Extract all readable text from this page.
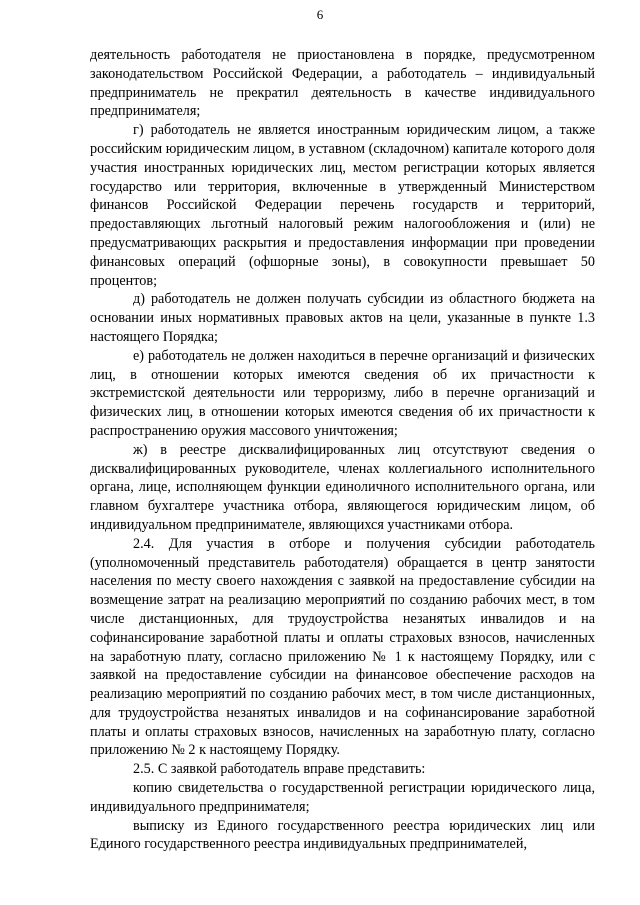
6

деятельность работодателя не приостановлена в порядке, предусмотренном законодательством Российской Федерации, а работодатель – индивидуальный предприниматель не прекратил деятельность в качестве индивидуального предпринимателя;

г) работодатель не является иностранным юридическим лицом, а также российским юридическим лицом, в уставном (складочном) капитале которого доля участия иностранных юридических лиц, местом регистрации которых является государство или территория, включенные в утвержденный Министерством финансов Российской Федерации перечень государств и территорий, предоставляющих льготный налоговый режим налогообложения и (или) не предусматривающих раскрытия и предоставления информации при проведении финансовых операций (офшорные зоны), в совокупности превышает 50 процентов;

д) работодатель не должен получать субсидии из областного бюджета на основании иных нормативных правовых актов на цели, указанные в пункте 1.3 настоящего Порядка;

е) работодатель не должен находиться в перечне организаций и физических лиц, в отношении которых имеются сведения об их причастности к экстремистской деятельности или терроризму, либо в перечне организаций и физических лиц, в отношении которых имеются сведения об их причастности к распространению оружия массового уничтожения;

ж) в реестре дисквалифицированных лиц отсутствуют сведения о дисквалифицированных руководителе, членах коллегиального исполнительного органа, лице, исполняющем функции единоличного исполнительного органа, или главном бухгалтере участника отбора, являющегося юридическим лицом, об индивидуальном предпринимателе, являющихся участниками отбора.

2.4. Для участия в отборе и получения субсидии работодатель (уполномоченный представитель работодателя) обращается в центр занятости населения по месту своего нахождения с заявкой на предоставление субсидии на возмещение затрат на реализацию мероприятий по созданию рабочих мест, в том числе дистанционных, для трудоустройства незанятых инвалидов и на софинансирование заработной платы и оплаты страховых взносов, начисленных на заработную плату, согласно приложению № 1 к настоящему Порядку, или с заявкой на предоставление субсидии на финансовое обеспечение расходов на реализацию мероприятий по созданию рабочих мест, в том числе дистанционных, для трудоустройства незанятых инвалидов и на софинансирование заработной платы и оплаты страховых взносов, начисленных на заработную плату, согласно приложению № 2 к настоящему Порядку.

2.5. С заявкой работодатель вправе представить:

копию свидетельства о государственной регистрации юридического лица, индивидуального предпринимателя;

выписку из Единого государственного реестра юридических лиц или Единого государственного реестра индивидуальных предпринимателей,
